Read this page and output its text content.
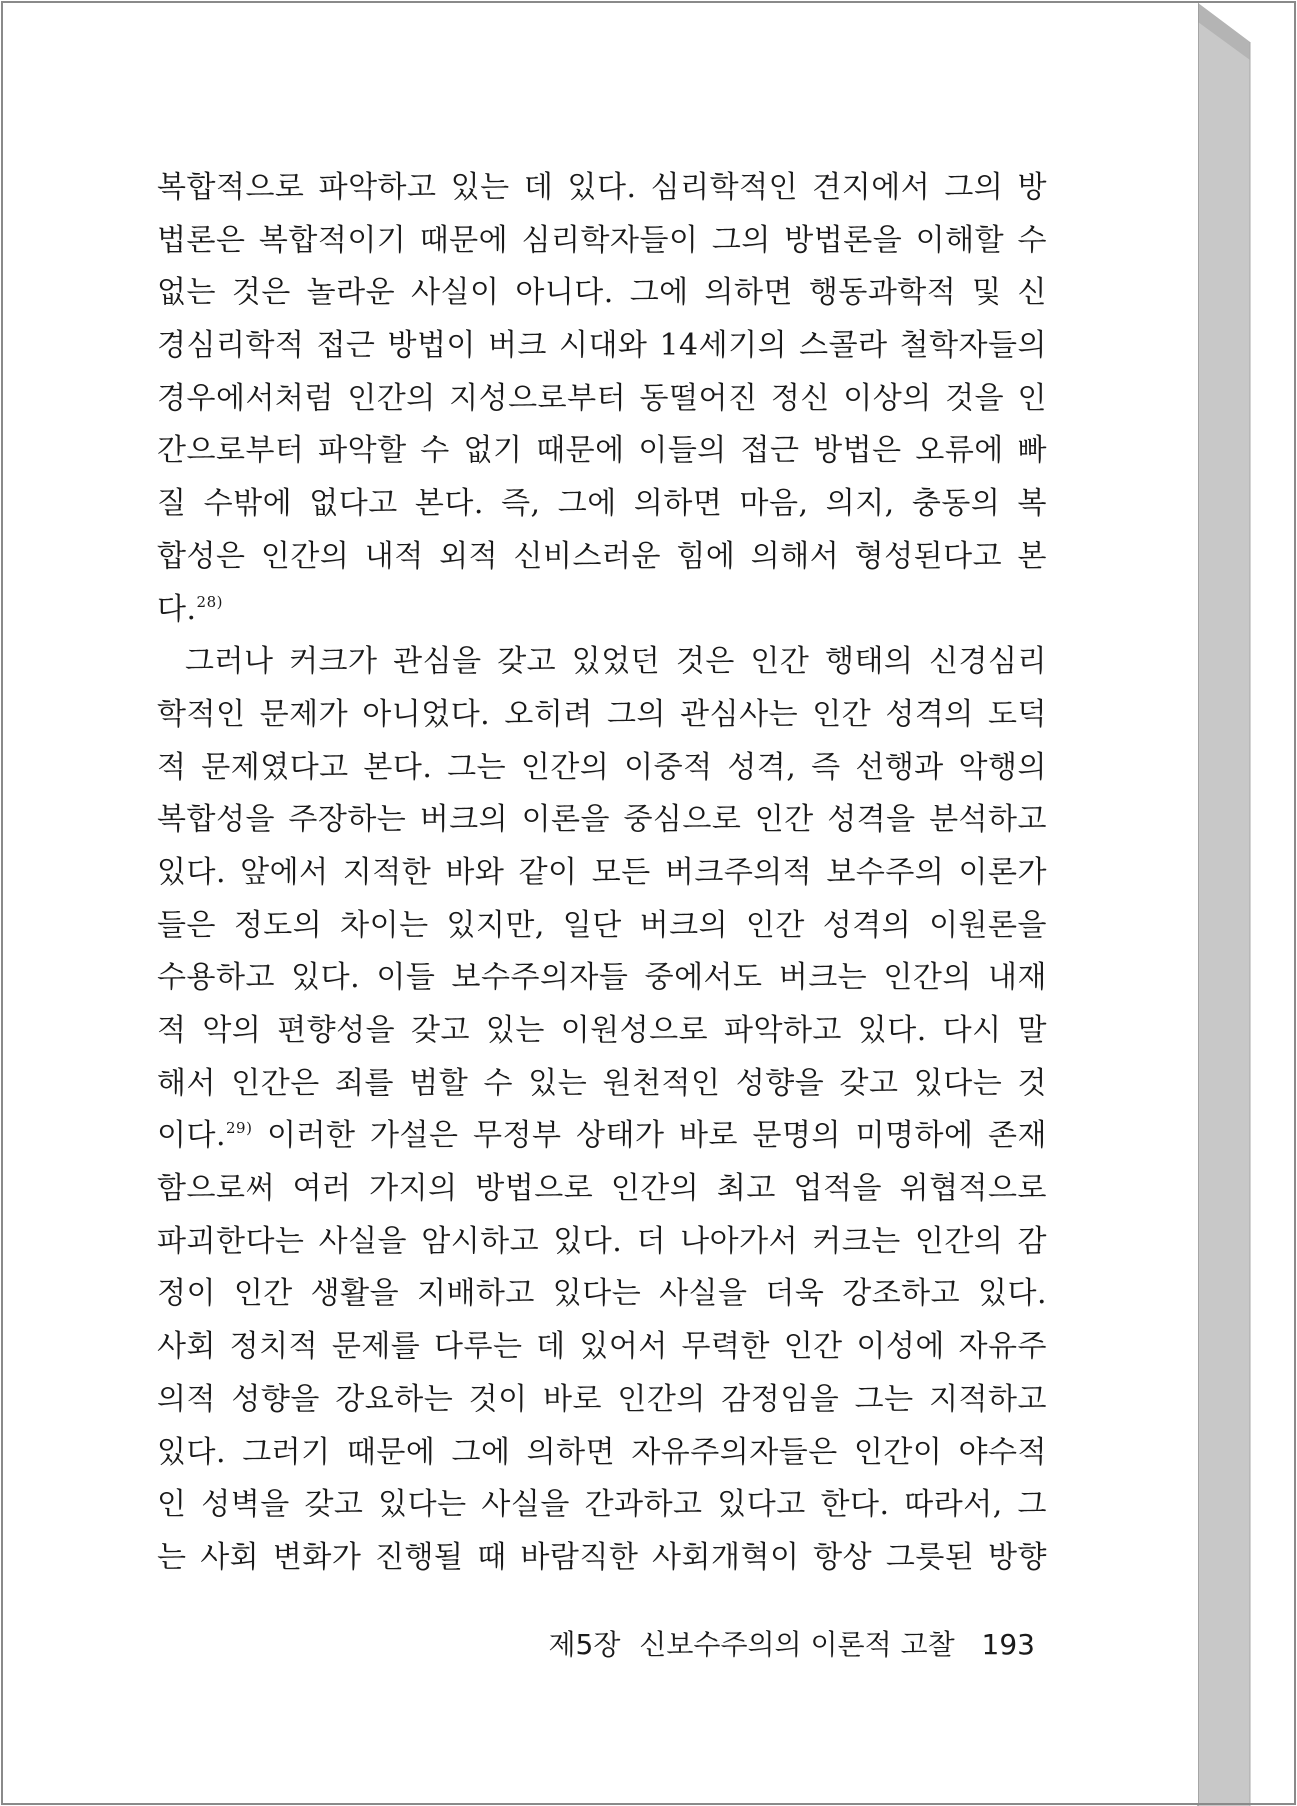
복합적으로 파악하고 있는 데 있다. 심리학적인 견지에서 그의 방
법론은 복합적이기 때문에 심리학자들이 그의 방법론을 이해할 수
없는 것은 놀라운 사실이 아니다. 그에 의하면 행동과학적 및 신
경심리학적 접근 방법이 버크 시대와 14세기의 스콜라 철학자들의
경우에서처럼 인간의 지성으로부터 동떨어진 정신 이상의 것을 인
간으로부터 파악할 수 없기 때문에 이들의 접근 방법은 오류에 빠
질 수밖에 없다고 본다. 즉, 그에 의하면 마음, 의지, 충동의 복
합성은 인간의 내적 외적 신비스러운 힘에 의해서 형성된다고 본
다.$^{28)}$
그러나 커크가 관심을 갖고 있었던 것은 인간 행태의 신경심리
학적인 문제가 아니었다. 오히려 그의 관심사는 인간 성격의 도덕
적 문제였다고 본다. 그는 인간의 이중적 성격, 즉 선행과 악행의
복합성을 주장하는 버크의 이론을 중심으로 인간 성격을 분석하고
있다. 앞에서 지적한 바와 같이 모든 버크주의적 보수주의 이론가
들은 정도의 차이는 있지만, 일단 버크의 인간 성격의 이원론을
수용하고 있다. 이들 보수주의자들 중에서도 버크는 인간의 내재
적 악의 편향성을 갖고 있는 이원성으로 파악하고 있다. 다시 말
해서 인간은 죄를 범할 수 있는 원천적인 성향을 갖고 있다는 것
이다.$^{29)}$ 이러한 가설은 무정부 상태가 바로 문명의 미명하에 존재
함으로써 여러 가지의 방법으로 인간의 최고 업적을 위협적으로
파괴한다는 사실을 암시하고 있다. 더 나아가서 커크는 인간의 감
정이 인간 생활을 지배하고 있다는 사실을 더욱 강조하고 있다.
사회 정치적 문제를 다루는 데 있어서 무력한 인간 이성에 자유주
의적 성향을 강요하는 것이 바로 인간의 감정임을 그는 지적하고
있다. 그러기 때문에 그에 의하면 자유주의자들은 인간이 야수적
인 성벽을 갖고 있다는 사실을 간과하고 있다고 한다. 따라서, 그
는 사회 변화가 진행될 때 바람직한 사회개혁이 항상 그릇된 방향
제5장 신보수주의의 이론적 고찰 193
